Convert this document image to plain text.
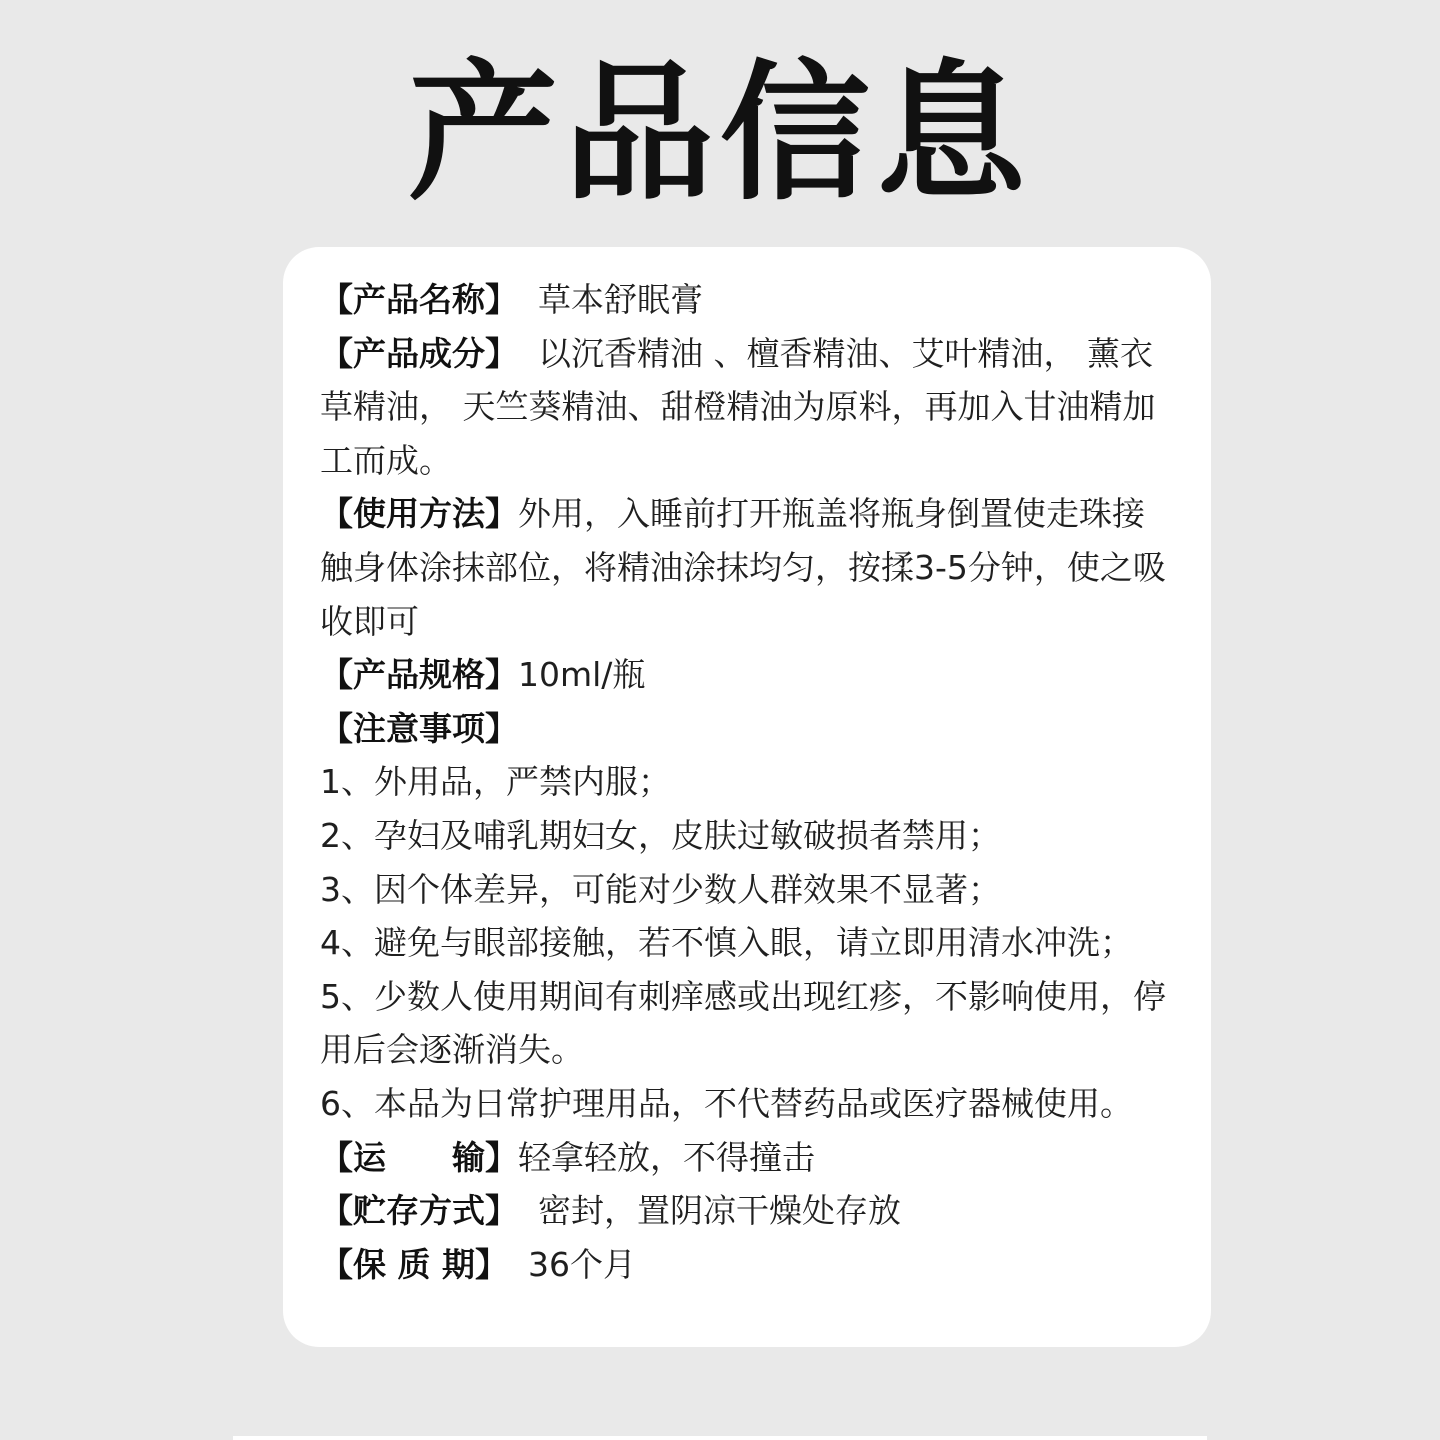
产品信息

【产品名称】 草本舒眠膏

【产品成分】 以沉香精油 、檀香精油、艾叶精油， 薰衣草精油， 天竺葵精油、甜橙精油为原料，再加入甘油精加工而成。

【使用方法】外用，入睡前打开瓶盖将瓶身倒置使走珠接触身体涂抹部位，将精油涂抹均匀，按揉3-5分钟，使之吸收即可

【产品规格】10ml/瓶

【注意事项】

1、外用品，严禁内服；

2、孕妇及哺乳期妇女，皮肤过敏破损者禁用；

3、因个体差异，可能对少数人群效果不显著；

4、避免与眼部接触，若不慎入眼，请立即用清水冲洗；

5、少数人使用期间有刺痒感或出现红疹，不影响使用，停用后会逐渐消失。

6、本品为日常护理用品，不代替药品或医疗器械使用。

【运　　输】轻拿轻放，不得撞击

【贮存方式】 密封，置阴凉干燥处存放

【保 质 期】 36个月
